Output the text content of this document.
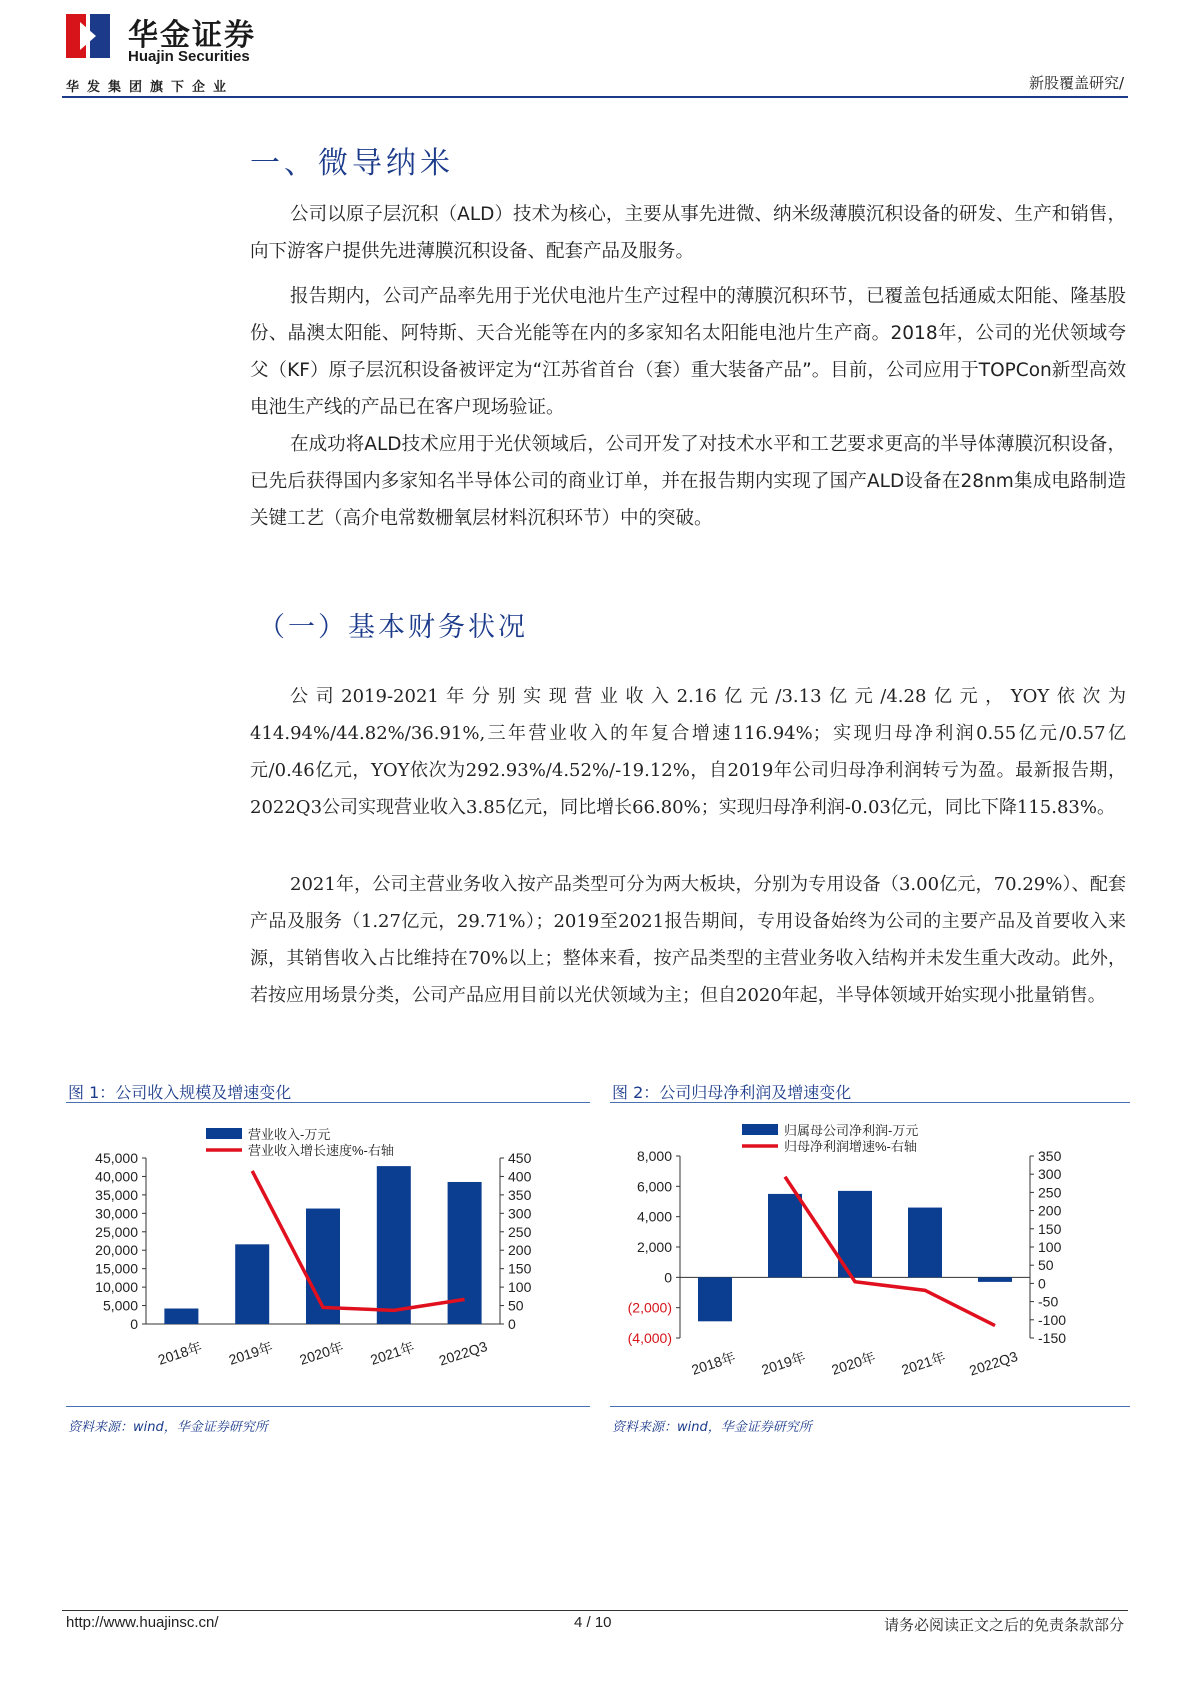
华金证券
Huajin Securities
华发集团旗下企业	新股覆盖研究/
一、微导纳米
公司以原子层沉积（ALD）技术为核心，主要从事先进微、纳米级薄膜沉积设备的研发、生产和销售，向下游客户提供先进薄膜沉积设备、配套产品及服务。
报告期内，公司产品率先用于光伏电池片生产过程中的薄膜沉积环节，已覆盖包括通威太阳能、隆基股份、晶澳太阳能、阿特斯、天合光能等在内的多家知名太阳能电池片生产商。2018年，公司的光伏领域夸父（KF）原子层沉积设备被评定为“江苏省首台（套）重大装备产品”。目前，公司应用于TOPCon新型高效电池生产线的产品已在客户现场验证。
在成功将ALD技术应用于光伏领域后，公司开发了对技术水平和工艺要求更高的半导体薄膜沉积设备，已先后获得国内多家知名半导体公司的商业订单，并在报告期内实现了国产ALD设备在28nm集成电路制造关键工艺（高介电常数栅氧层材料沉积环节）中的突破。
（一）基本财务状况
公司2019-2021年分别实现营业收入2.16亿元/3.13亿元/4.28亿元，YOY依次为414.94%/44.82%/36.91%,三年营业收入的年复合增速116.94%；实现归母净利润0.55亿元/0.57亿元/0.46亿元，YOY依次为292.93%/4.52%/-19.12%，自2019年公司归母净利润转亏为盈。最新报告期，2022Q3公司实现营业收入3.85亿元，同比增长66.80%；实现归母净利润-0.03亿元，同比下降115.83%。
2021年，公司主营业务收入按产品类型可分为两大板块，分别为专用设备（3.00亿元，70.29%）、配套产品及服务（1.27亿元，29.71%）；2019至2021报告期间，专用设备始终为公司的主要产品及首要收入来源，其销售收入占比维持在70%以上；整体来看，按产品类型的主营业务收入结构并未发生重大改动。此外，若按应用场景分类，公司产品应用目前以光伏领域为主；但自2020年起，半导体领域开始实现小批量销售。
图 1：公司收入规模及增速变化
0
5,000
10,000
15,000
20,000
25,000
30,000
35,000
40,000
45,000
0
50
100
150
200
250
300
350
400
450
2018年 2019年 2020年 2021年 2022Q3
营业收入-万元
营业收入增长速度%-右轴
资料来源：wind，华金证券研究所
图 2：公司归母净利润及增速变化
(4,000)
(2,000)
0
2,000
4,000
6,000
8,000
-150
-100
-50
0
50
100
150
200
250
300
350
2018年 2019年 2020年 2021年 2022Q3
归属母公司净利润-万元
归母净利润增速%-右轴
资料来源：wind，华金证券研究所
http://www.huajinsc.cn/	4 / 10	请务必阅读正文之后的免责条款部分
